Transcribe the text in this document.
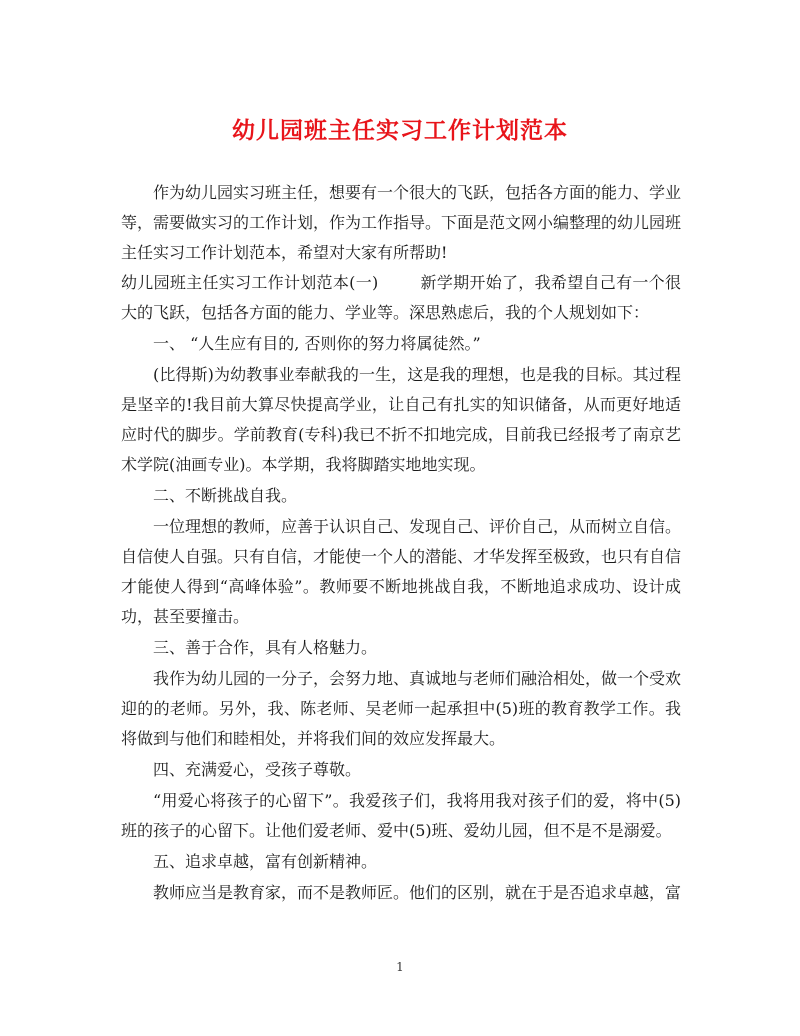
幼儿园班主任实习工作计划范本

作为幼儿园实习班主任，想要有一个很大的飞跃，包括各方面的能力、学业等，需要做实习的工作计划，作为工作指导。下面是范文网小编整理的幼儿园班主任实习工作计划范本，希望对大家有所帮助!

幼儿园班主任实习工作计划范本(一)	新学期开始了，我希望自己有一个很大的飞跃，包括各方面的能力、学业等。深思熟虑后，我的个人规划如下：

一、 “人生应有目的, 否则你的努力将属徒然。”

(比得斯)为幼教事业奉献我的一生，这是我的理想，也是我的目标。其过程是坚辛的!我目前大算尽快提高学业，让自己有扎实的知识储备，从而更好地适应时代的脚步。学前教育(专科)我已不折不扣地完成，目前我已经报考了南京艺术学院(油画专业)。本学期，我将脚踏实地地实现。

二、不断挑战自我。

一位理想的教师，应善于认识自己、发现自己、评价自己，从而树立自信。自信使人自强。只有自信，才能使一个人的潜能、才华发挥至极致，也只有自信才能使人得到“高峰体验”。教师要不断地挑战自我，不断地追求成功、设计成功，甚至要撞击。

三、善于合作，具有人格魅力。

我作为幼儿园的一分子，会努力地、真诚地与老师们融洽相处，做一个受欢迎的的老师。另外，我、陈老师、吴老师一起承担中(5)班的教育教学工作。我将做到与他们和睦相处，并将我们间的效应发挥最大。

四、充满爱心，受孩子尊敬。

“用爱心将孩子的心留下”。我爱孩子们，我将用我对孩子们的爱，将中(5)班的孩子的心留下。让他们爱老师、爱中(5)班、爱幼儿园，但不是不是溺爱。

五、追求卓越，富有创新精神。

教师应当是教育家，而不是教师匠。他们的区别，就在于是否追求卓越，富

1
